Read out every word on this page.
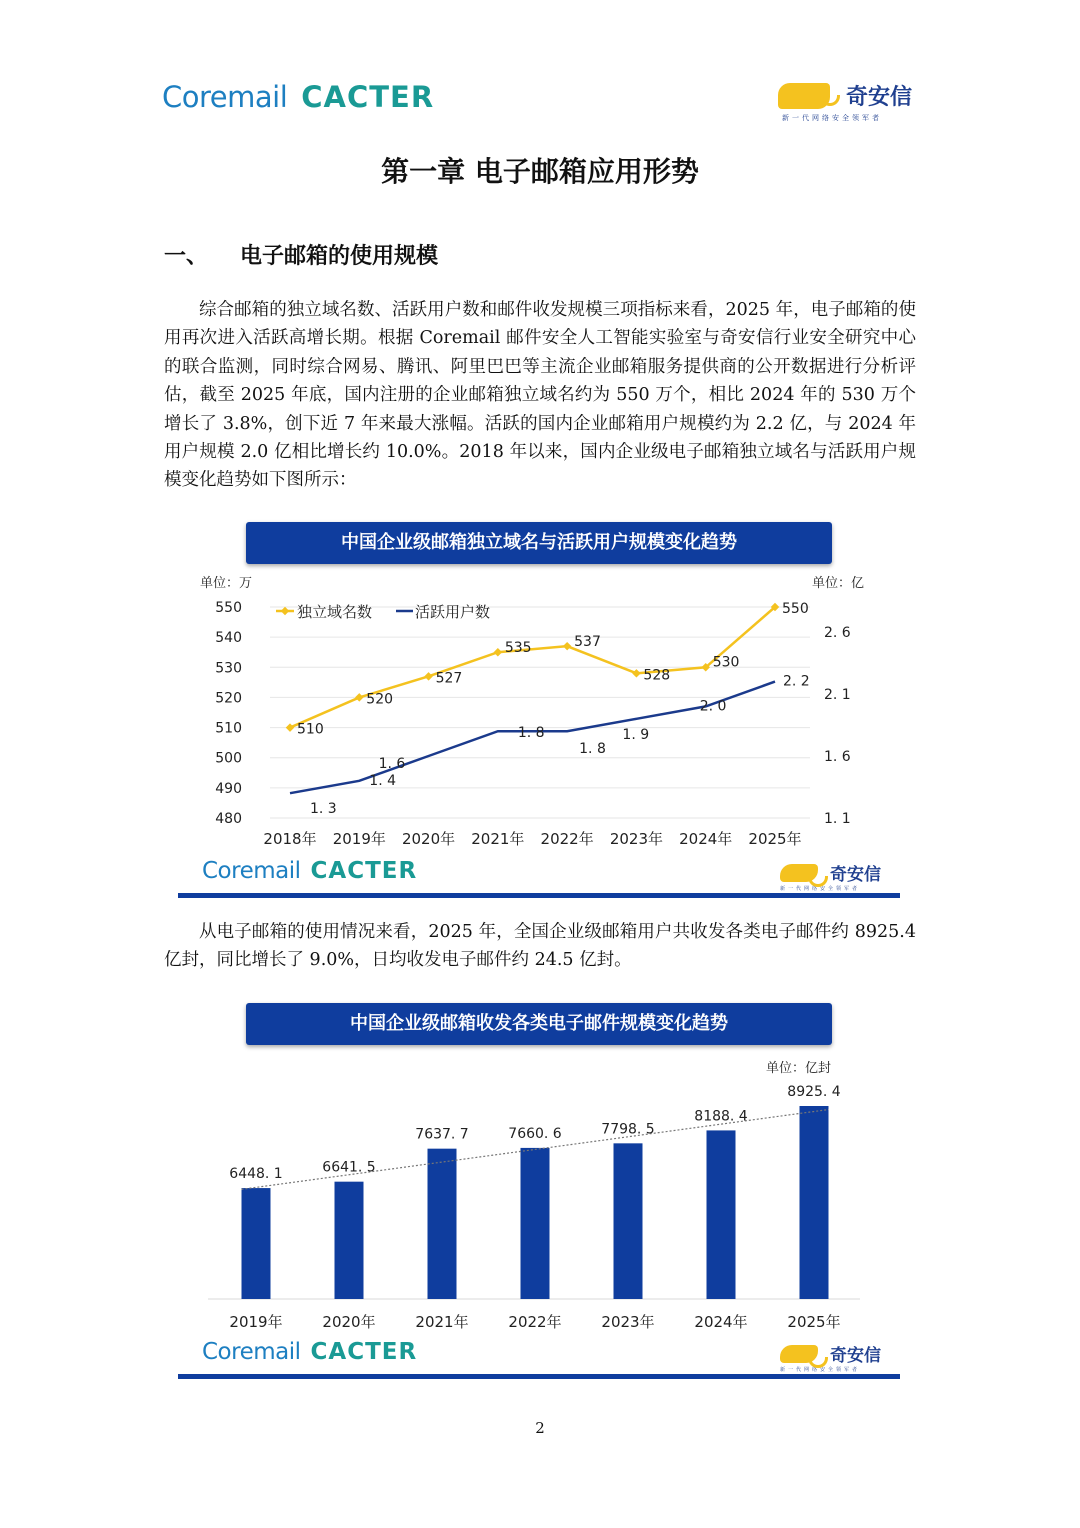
Coremail CACTER	奇安信
新一代网络安全领军者
第一章 电子邮箱应用形势
一、 电子邮箱的使用规模
综合邮箱的独立域名数、活跃用户数和邮件收发规模三项指标来看，2025 年，电子邮箱的使用再次进入活跃高增长期。根据 Coremail 邮件安全人工智能实验室与奇安信行业安全研究中心的联合监测，同时综合网易、腾讯、阿里巴巴等主流企业邮箱服务提供商的公开数据进行分析评估，截至 2025 年底，国内注册的企业邮箱独立域名约为 550 万个，相比 2024 年的 530 万个增长了 3.8%，创下近 7 年来最大涨幅。活跃的国内企业邮箱用户规模约为 2.2 亿，与 2024 年用户规模 2.0 亿相比增长约 10.0%。2018 年以来，国内企业级电子邮箱独立域名与活跃用户规模变化趋势如下图所示：
中国企业级邮箱独立域名与活跃用户规模变化趋势
单位：万	单位：亿
550
540
530
520
510
500
490
480
2. 6
2. 1
1. 6
1. 1
2018年 2019年 2020年 2021年 2022年 2023年 2024年 2025年
510
520
527
535	537
528
530
550
1. 3
1. 4
1. 6
1. 8
1. 8
1. 9
2. 0
2. 2
独立域名数	活跃用户数
Coremail CACTER	奇安信
新一代网络安全领军者
从电子邮箱的使用情况来看，2025 年，全国企业级邮箱用户共收发各类电子邮件约 8925.4 亿封，同比增长了 9.0%，日均收发电子邮件约 24.5 亿封。
中国企业级邮箱收发各类电子邮件规模变化趋势
单位：亿封
6448. 1	6641. 5
7637. 7	7660. 6	7798. 5
8188. 4
8925. 4
2019年	2020年	2021年	2022年	2023年	2024年	2025年
Coremail CACTER	奇安信
新一代网络安全领军者
2
